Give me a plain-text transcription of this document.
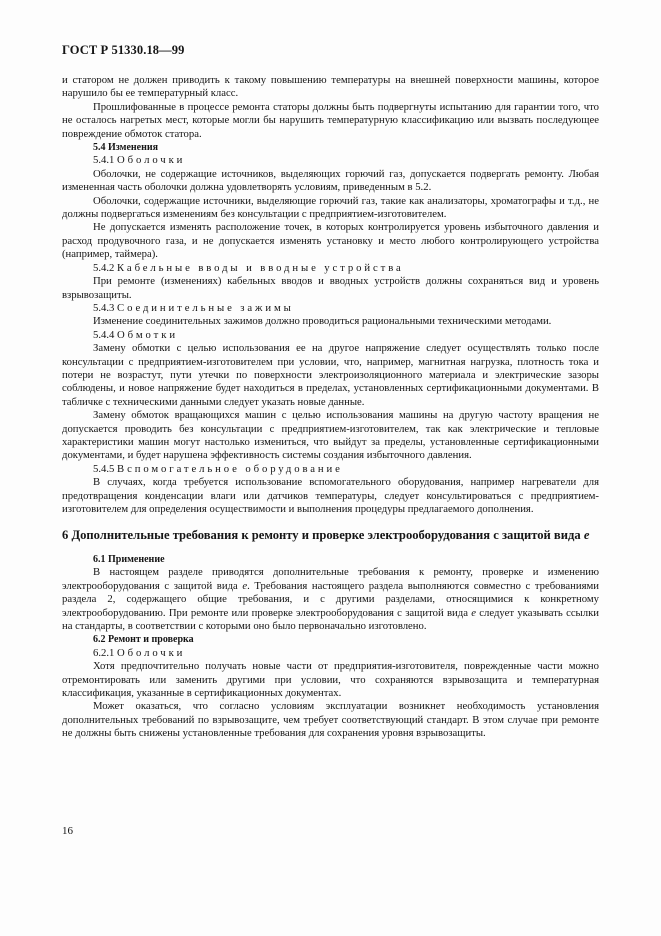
ГОСТ Р 51330.18—99

и статором не должен приводить к такому повышению температуры на внешней поверхности машины, которое нарушило бы ее температурный класс.

Прошлифованные в процессе ремонта статоры должны быть подвергнуты испытанию для гарантии того, что не осталось нагретых мест, которые могли бы нарушить температурную классификацию или вызвать последующее повреждение обмоток статора.

5.4 Изменения

5.4.1 Оболочки

Оболочки, не содержащие источников, выделяющих горючий газ, допускается подвергать ремонту. Любая измененная часть оболочки должна удовлетворять условиям, приведенным в 5.2.

Оболочки, содержащие источники, выделяющие горючий газ, такие как анализаторы, хроматографы и т.д., не должны подвергаться изменениям без консультации с предприятием-изготовителем.

Не допускается изменять расположение точек, в которых контролируется уровень избыточного давления и расход продувочного газа, и не допускается изменять установку и место любого контролирующего устройства (например, таймера).

5.4.2 Кабельные вводы и вводные устройства

При ремонте (изменениях) кабельных вводов и вводных устройств должны сохраняться вид и уровень взрывозащиты.

5.4.3 Соединительные зажимы

Изменение соединительных зажимов должно проводиться рациональными техническими методами.

5.4.4 Обмотки

Замену обмотки с целью использования ее на другое напряжение следует осуществлять только после консультации с предприятием-изготовителем при условии, что, например, магнитная нагрузка, плотность тока и потери не возрастут, пути утечки по поверхности электроизоляционного материала и электрические зазоры соблюдены, и новое напряжение будет находиться в пределах, установленных сертификационными документами. В табличке с техническими данными следует указать новые данные.

Замену обмоток вращающихся машин с целью использования машины на другую частоту вращения не допускается проводить без консультации с предприятием-изготовителем, так как электрические и тепловые характеристики машин могут настолько измениться, что выйдут за пределы, установленные сертификационными документами, и будет нарушена эффективность системы создания избыточного давления.

5.4.5 Вспомогательное оборудование

В случаях, когда требуется использование вспомогательного оборудования, например нагреватели для предотвращения конденсации влаги или датчиков температуры, следует консультироваться с предприятием-изготовителем для определения осуществимости и выполнения процедуры предлагаемого дополнения.

6 Дополнительные требования к ремонту и проверке электрооборудования с защитой вида e

6.1 Применение

В настоящем разделе приводятся дополнительные требования к ремонту, проверке и изменению электрооборудования с защитой вида e. Требования настоящего раздела выполняются совместно с требованиями раздела 2, содержащего общие требования, и с другими разделами, относящимися к конкретному электрооборудованию. При ремонте или проверке электрооборудования с защитой вида e следует указывать ссылки на стандарты, в соответствии с которыми оно было первоначально изготовлено.

6.2 Ремонт и проверка

6.2.1 Оболочки

Хотя предпочтительно получать новые части от предприятия-изготовителя, поврежденные части можно отремонтировать или заменить другими при условии, что сохраняются взрывозащита и температурная классификация, указанные в сертификационных документах.

Может оказаться, что согласно условиям эксплуатации возникнет необходимость установления дополнительных требований по взрывозащите, чем требует соответствующий стандарт. В этом случае при ремонте не должны быть снижены установленные требования для сохранения уровня взрывозащиты.

16
